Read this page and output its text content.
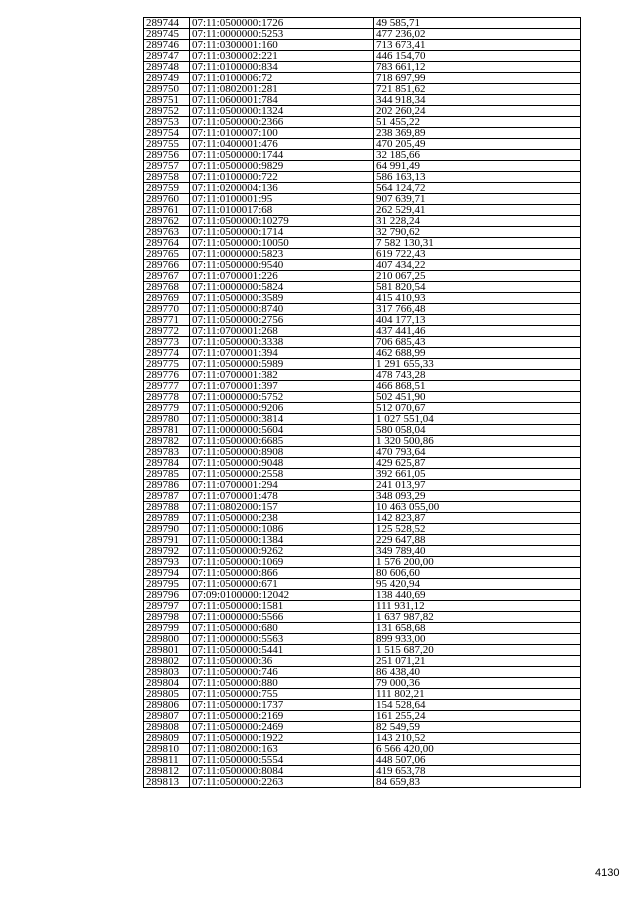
289744	07:11:0500000:1726	49 585,71
289745	07:11:0000000:5253	477 236,02
289746	07:11:0300001:160	713 673,41
289747	07:11:0300002:221	446 154,70
289748	07:11:0100000:834	783 661,12
289749	07:11:0100006:72	718 697,99
289750	07:11:0802001:281	721 851,62
289751	07:11:0600001:784	344 918,34
289752	07:11:0500000:1324	202 260,24
289753	07:11:0500000:2366	51 455,22
289754	07:11:0100007:100	238 369,89
289755	07:11:0400001:476	470 205,49
289756	07:11:0500000:1744	32 185,66
289757	07:11:0500000:9829	64 991,49
289758	07:11:0100000:722	586 163,13
289759	07:11:0200004:136	564 124,72
289760	07:11:0100001:95	907 639,71
289761	07:11:0100017:68	262 529,41
289762	07:11:0500000:10279	31 228,24
289763	07:11:0500000:1714	32 790,62
289764	07:11:0500000:10050	7 582 130,31
289765	07:11:0000000:5823	619 722,43
289766	07:11:0500000:9540	407 434,22
289767	07:11:0700001:226	210 067,25
289768	07:11:0000000:5824	581 820,54
289769	07:11:0500000:3589	415 410,93
289770	07:11:0500000:8740	317 766,48
289771	07:11:0500000:2756	404 177,13
289772	07:11:0700001:268	437 441,46
289773	07:11:0500000:3338	706 685,43
289774	07:11:0700001:394	462 688,99
289775	07:11:0500000:5989	1 291 655,33
289776	07:11:0700001:382	478 743,28
289777	07:11:0700001:397	466 868,51
289778	07:11:0000000:5752	502 451,90
289779	07:11:0500000:9206	512 070,67
289780	07:11:0500000:3814	1 027 551,04
289781	07:11:0000000:5604	580 058,04
289782	07:11:0500000:6685	1 320 500,86
289783	07:11:0500000:8908	470 793,64
289784	07:11:0500000:9048	429 625,87
289785	07:11:0500000:2558	392 661,05
289786	07:11:0700001:294	241 013,97
289787	07:11:0700001:478	348 093,29
289788	07:11:0802000:157	10 463 055,00
289789	07:11:0500000:238	142 823,87
289790	07:11:0500000:1086	125 528,52
289791	07:11:0500000:1384	229 647,88
289792	07:11:0500000:9262	349 789,40
289793	07:11:0500000:1069	1 576 200,00
289794	07:11:0500000:866	80 606,60
289795	07:11:0500000:671	95 420,94
289796	07:09:0100000:12042	138 440,69
289797	07:11:0500000:1581	111 931,12
289798	07:11:0000000:5566	1 637 987,82
289799	07:11:0500000:680	131 658,68
289800	07:11:0000000:5563	899 933,00
289801	07:11:0500000:5441	1 515 687,20
289802	07:11:0500000:36	251 071,21
289803	07:11:0500000:746	86 438,40
289804	07:11:0500000:880	79 000,36
289805	07:11:0500000:755	111 802,21
289806	07:11:0500000:1737	154 528,64
289807	07:11:0500000:2169	161 255,24
289808	07:11:0500000:2469	82 549,59
289809	07:11:0500000:1922	143 210,52
289810	07:11:0802000:163	6 566 420,00
289811	07:11:0500000:5554	448 507,06
289812	07:11:0500000:8084	419 653,78
289813	07:11:0500000:2263	84 659,83
4130
